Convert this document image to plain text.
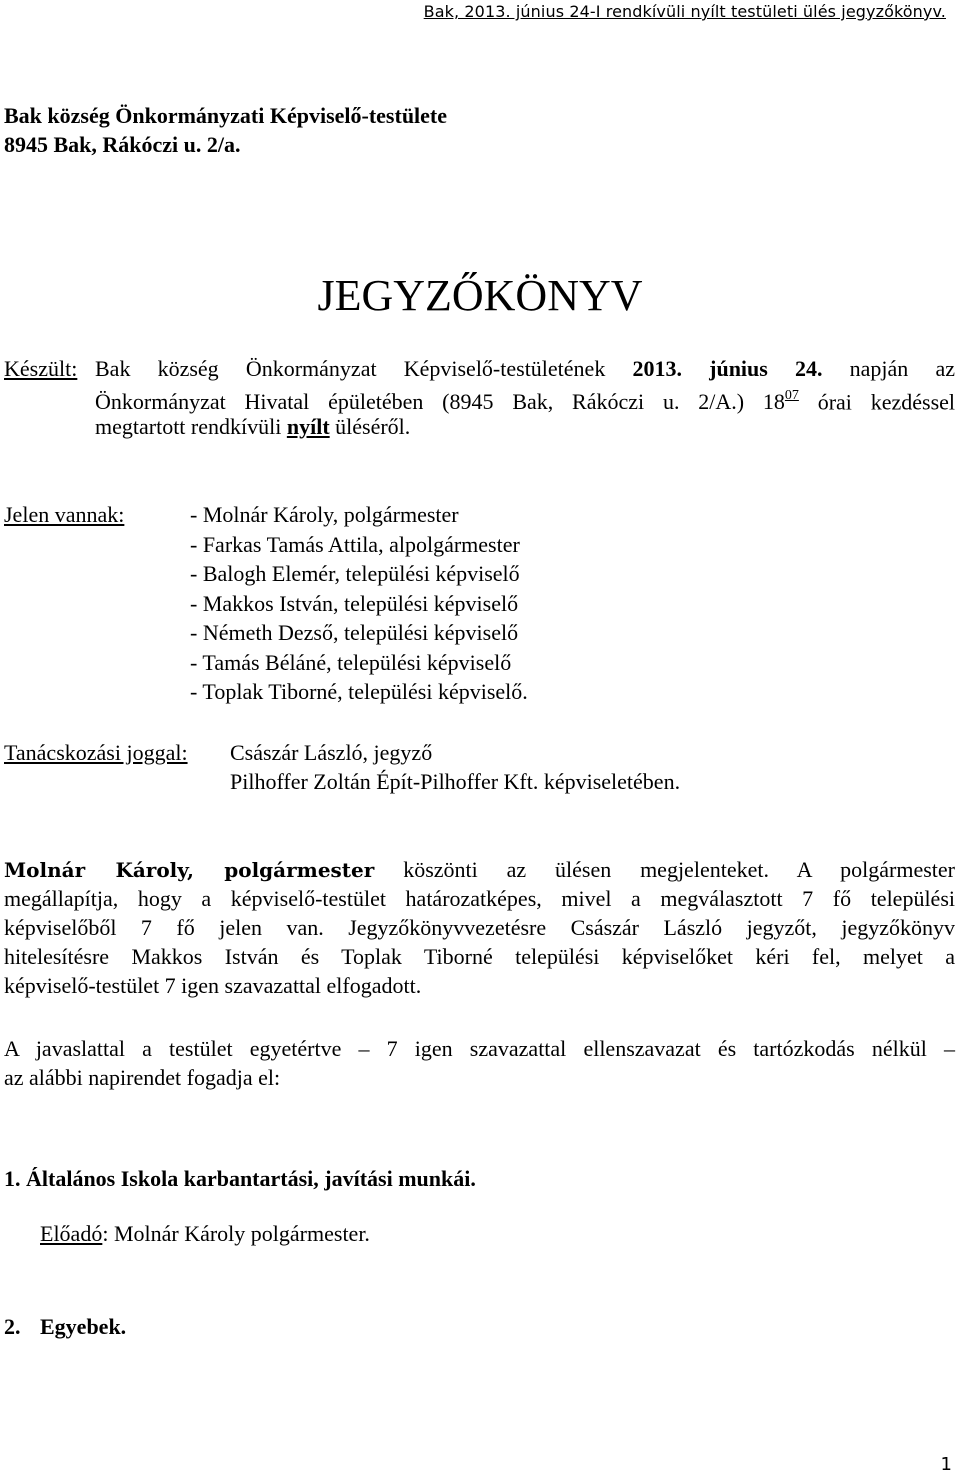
Bak, 2013. június 24-I rendkívüli nyílt testületi ülés jegyzőkönyv.
Bak község Önkormányzati Képviselő-testülete
8945 Bak, Rákóczi u. 2/a.
JEGYZŐKÖNYV
Készült: Bak község Önkormányzat Képviselő-testületének 2013. június 24. napján az
Önkormányzat Hivatal épületében (8945 Bak, Rákóczi u. 2/A.) $18^{07}$ órai kezdéssel
megtartott rendkívüli nyílt üléséről.
Jelen vannak:	- Molnár Károly, polgármester
- Farkas Tamás Attila, alpolgármester
- Balogh Elemér, települési képviselő
- Makkos István, települési képviselő
- Németh Dezső, települési képviselő
- Tamás Béláné, települési képviselő
- Toplak Tiborné, települési képviselő.
Tanácskozási joggal: Császár László, jegyző
Pilhoffer Zoltán Épít-Pilhoffer Kft. képviseletében.
Molnár Károly, polgármester köszönti az ülésen megjelenteket. A polgármester
megállapítja, hogy a képviselő-testület határozatképes, mivel a megválasztott 7 fő települési
képviselőből 7 fő jelen van. Jegyzőkönyvvezetésre Császár László jegyzőt, jegyzőkönyv
hitelesítésre Makkos István és Toplak Tiborné települési képviselőket kéri fel, melyet a
képviselő-testület 7 igen szavazattal elfogadott.
A javaslattal a testület egyetértve – 7 igen szavazattal ellenszavazat és tartózkodás nélkül –
az alábbi napirendet fogadja el:
1. Általános Iskola karbantartási, javítási munkái.
Előadó: Molnár Károly polgármester.
2. Egyebek.
1
